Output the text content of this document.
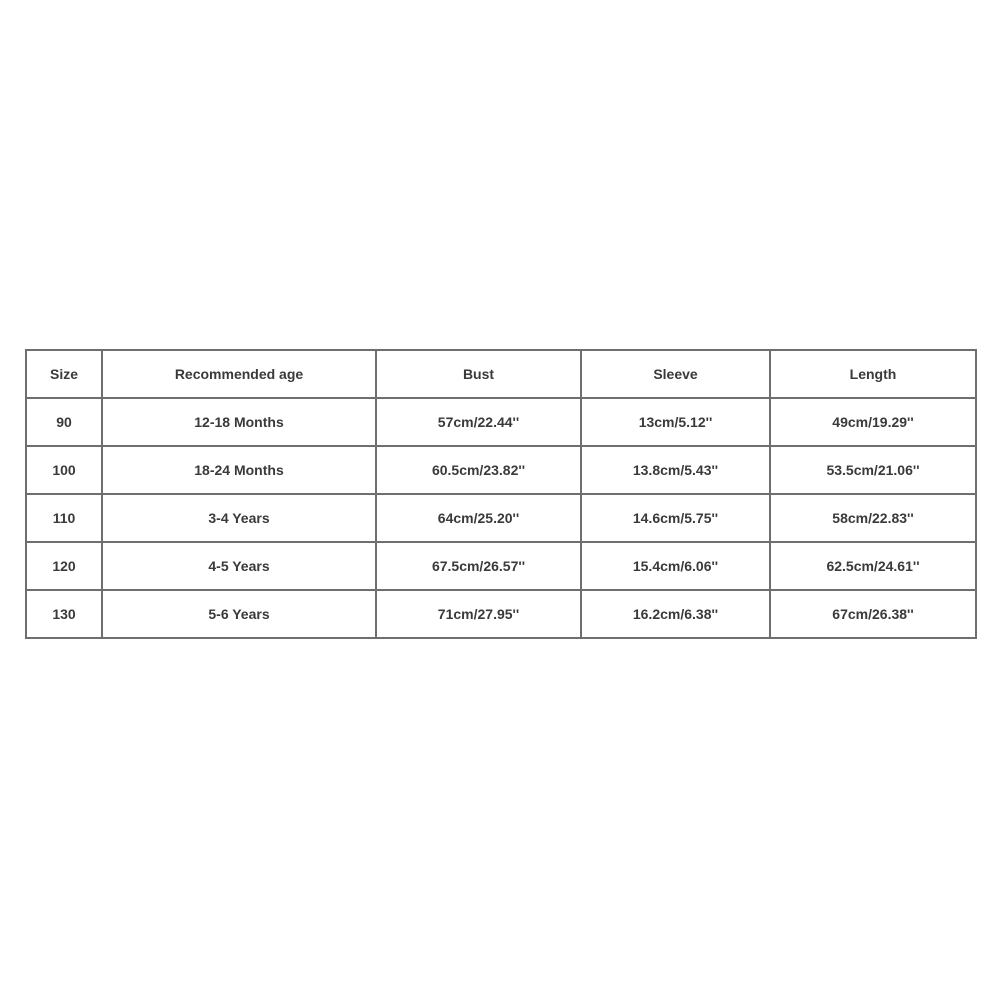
Size	Recommended age	Bust	Sleeve	Length
90	12-18 Months	57cm/22.44''	13cm/5.12''	49cm/19.29''
100	18-24 Months	60.5cm/23.82''	13.8cm/5.43''	53.5cm/21.06''
110	3-4 Years	64cm/25.20''	14.6cm/5.75''	58cm/22.83''
120	4-5 Years	67.5cm/26.57''	15.4cm/6.06''	62.5cm/24.61''
130	5-6 Years	71cm/27.95''	16.2cm/6.38''	67cm/26.38''
